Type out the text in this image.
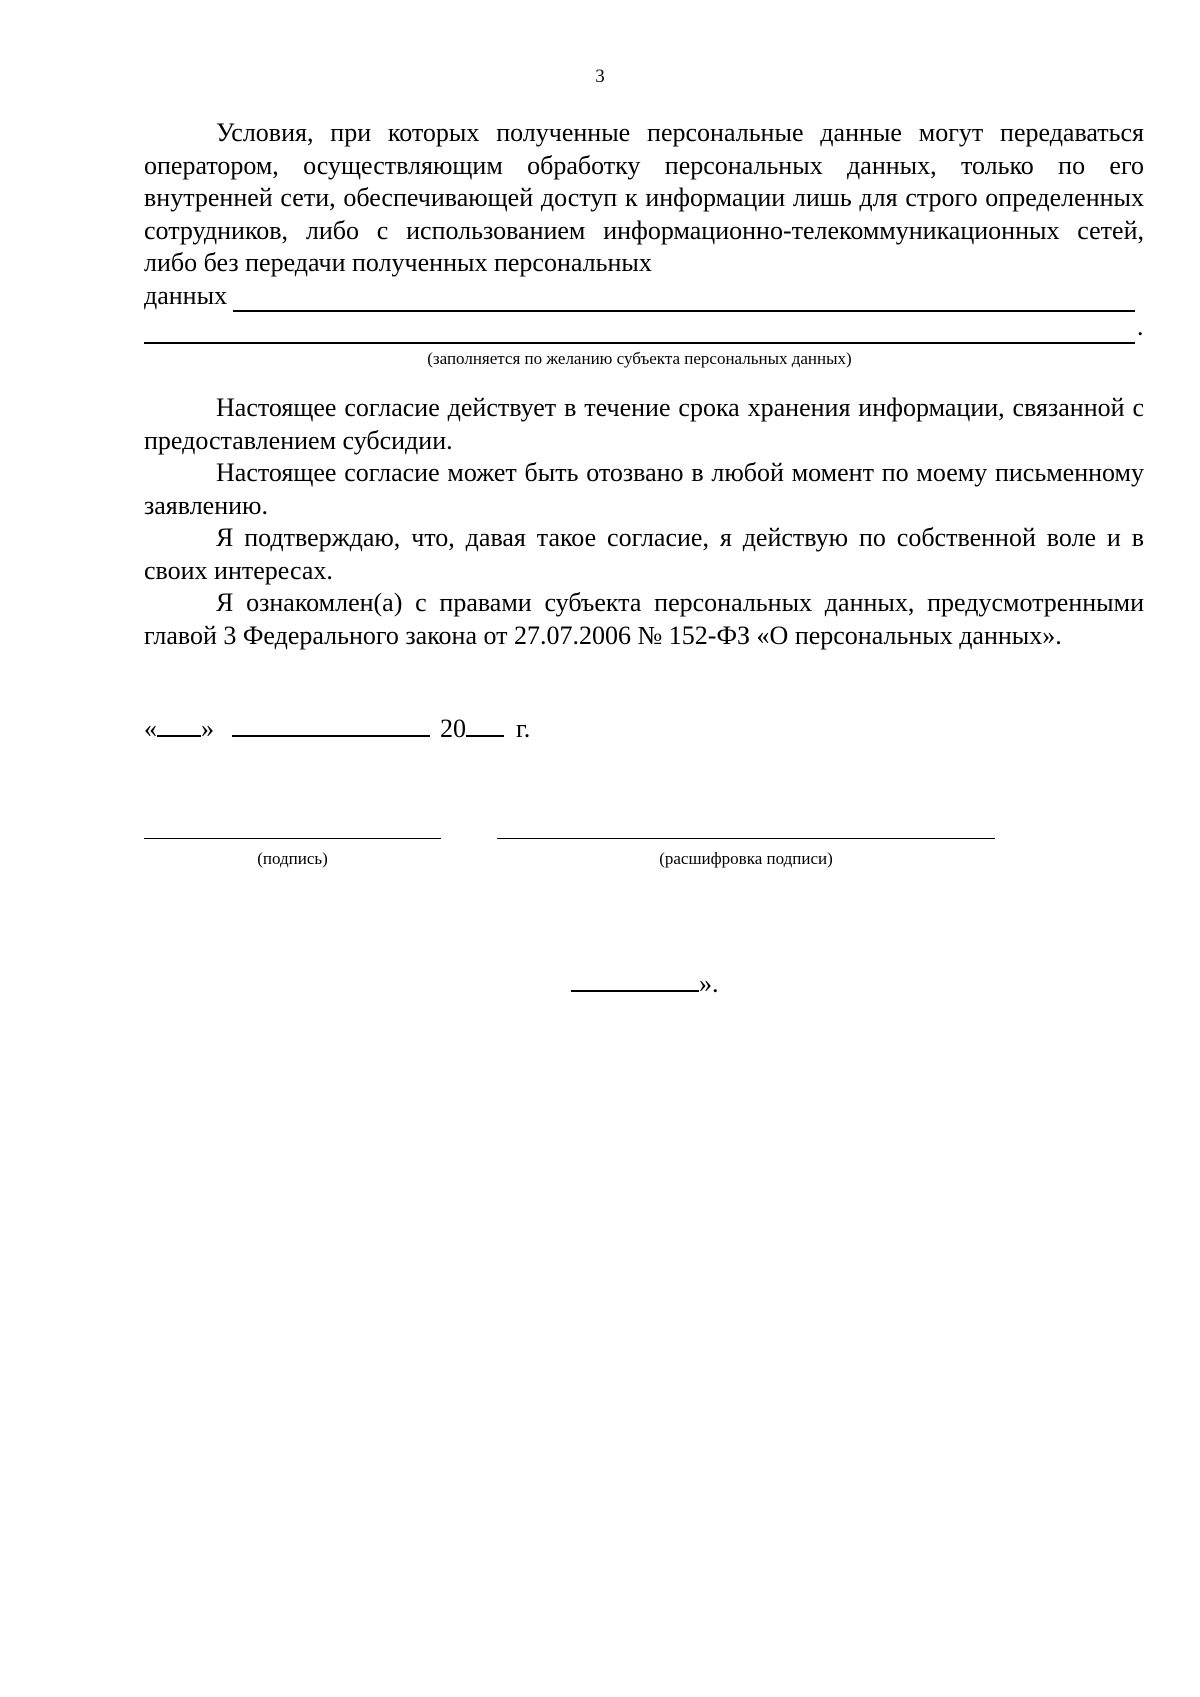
3

Условия, при которых полученные персональные данные могут передаваться оператором, осуществляющим обработку персональных данных, только по его внутренней сети, обеспечивающей доступ к информации лишь для строго определенных сотрудников, либо с использованием информационно-телекоммуникационных сетей, либо без передачи полученных персональных

данных
.
(заполняется по желанию субъекта персональных данных)

Настоящее согласие действует в течение срока хранения информации, связанной с предоставлением субсидии.

Настоящее согласие может быть отозвано в любой момент по моему письменному заявлению.

Я подтверждаю, что, давая такое согласие, я действую по собственной воле и в своих интересах.

Я ознакомлен(а) с правами субъекта персональных данных, предусмотренными главой 3 Федерального закона от 27.07.2006 № 152-ФЗ «О персональных данных».

« »	20 г.
(подпись)	(расшифровка подписи)
».
